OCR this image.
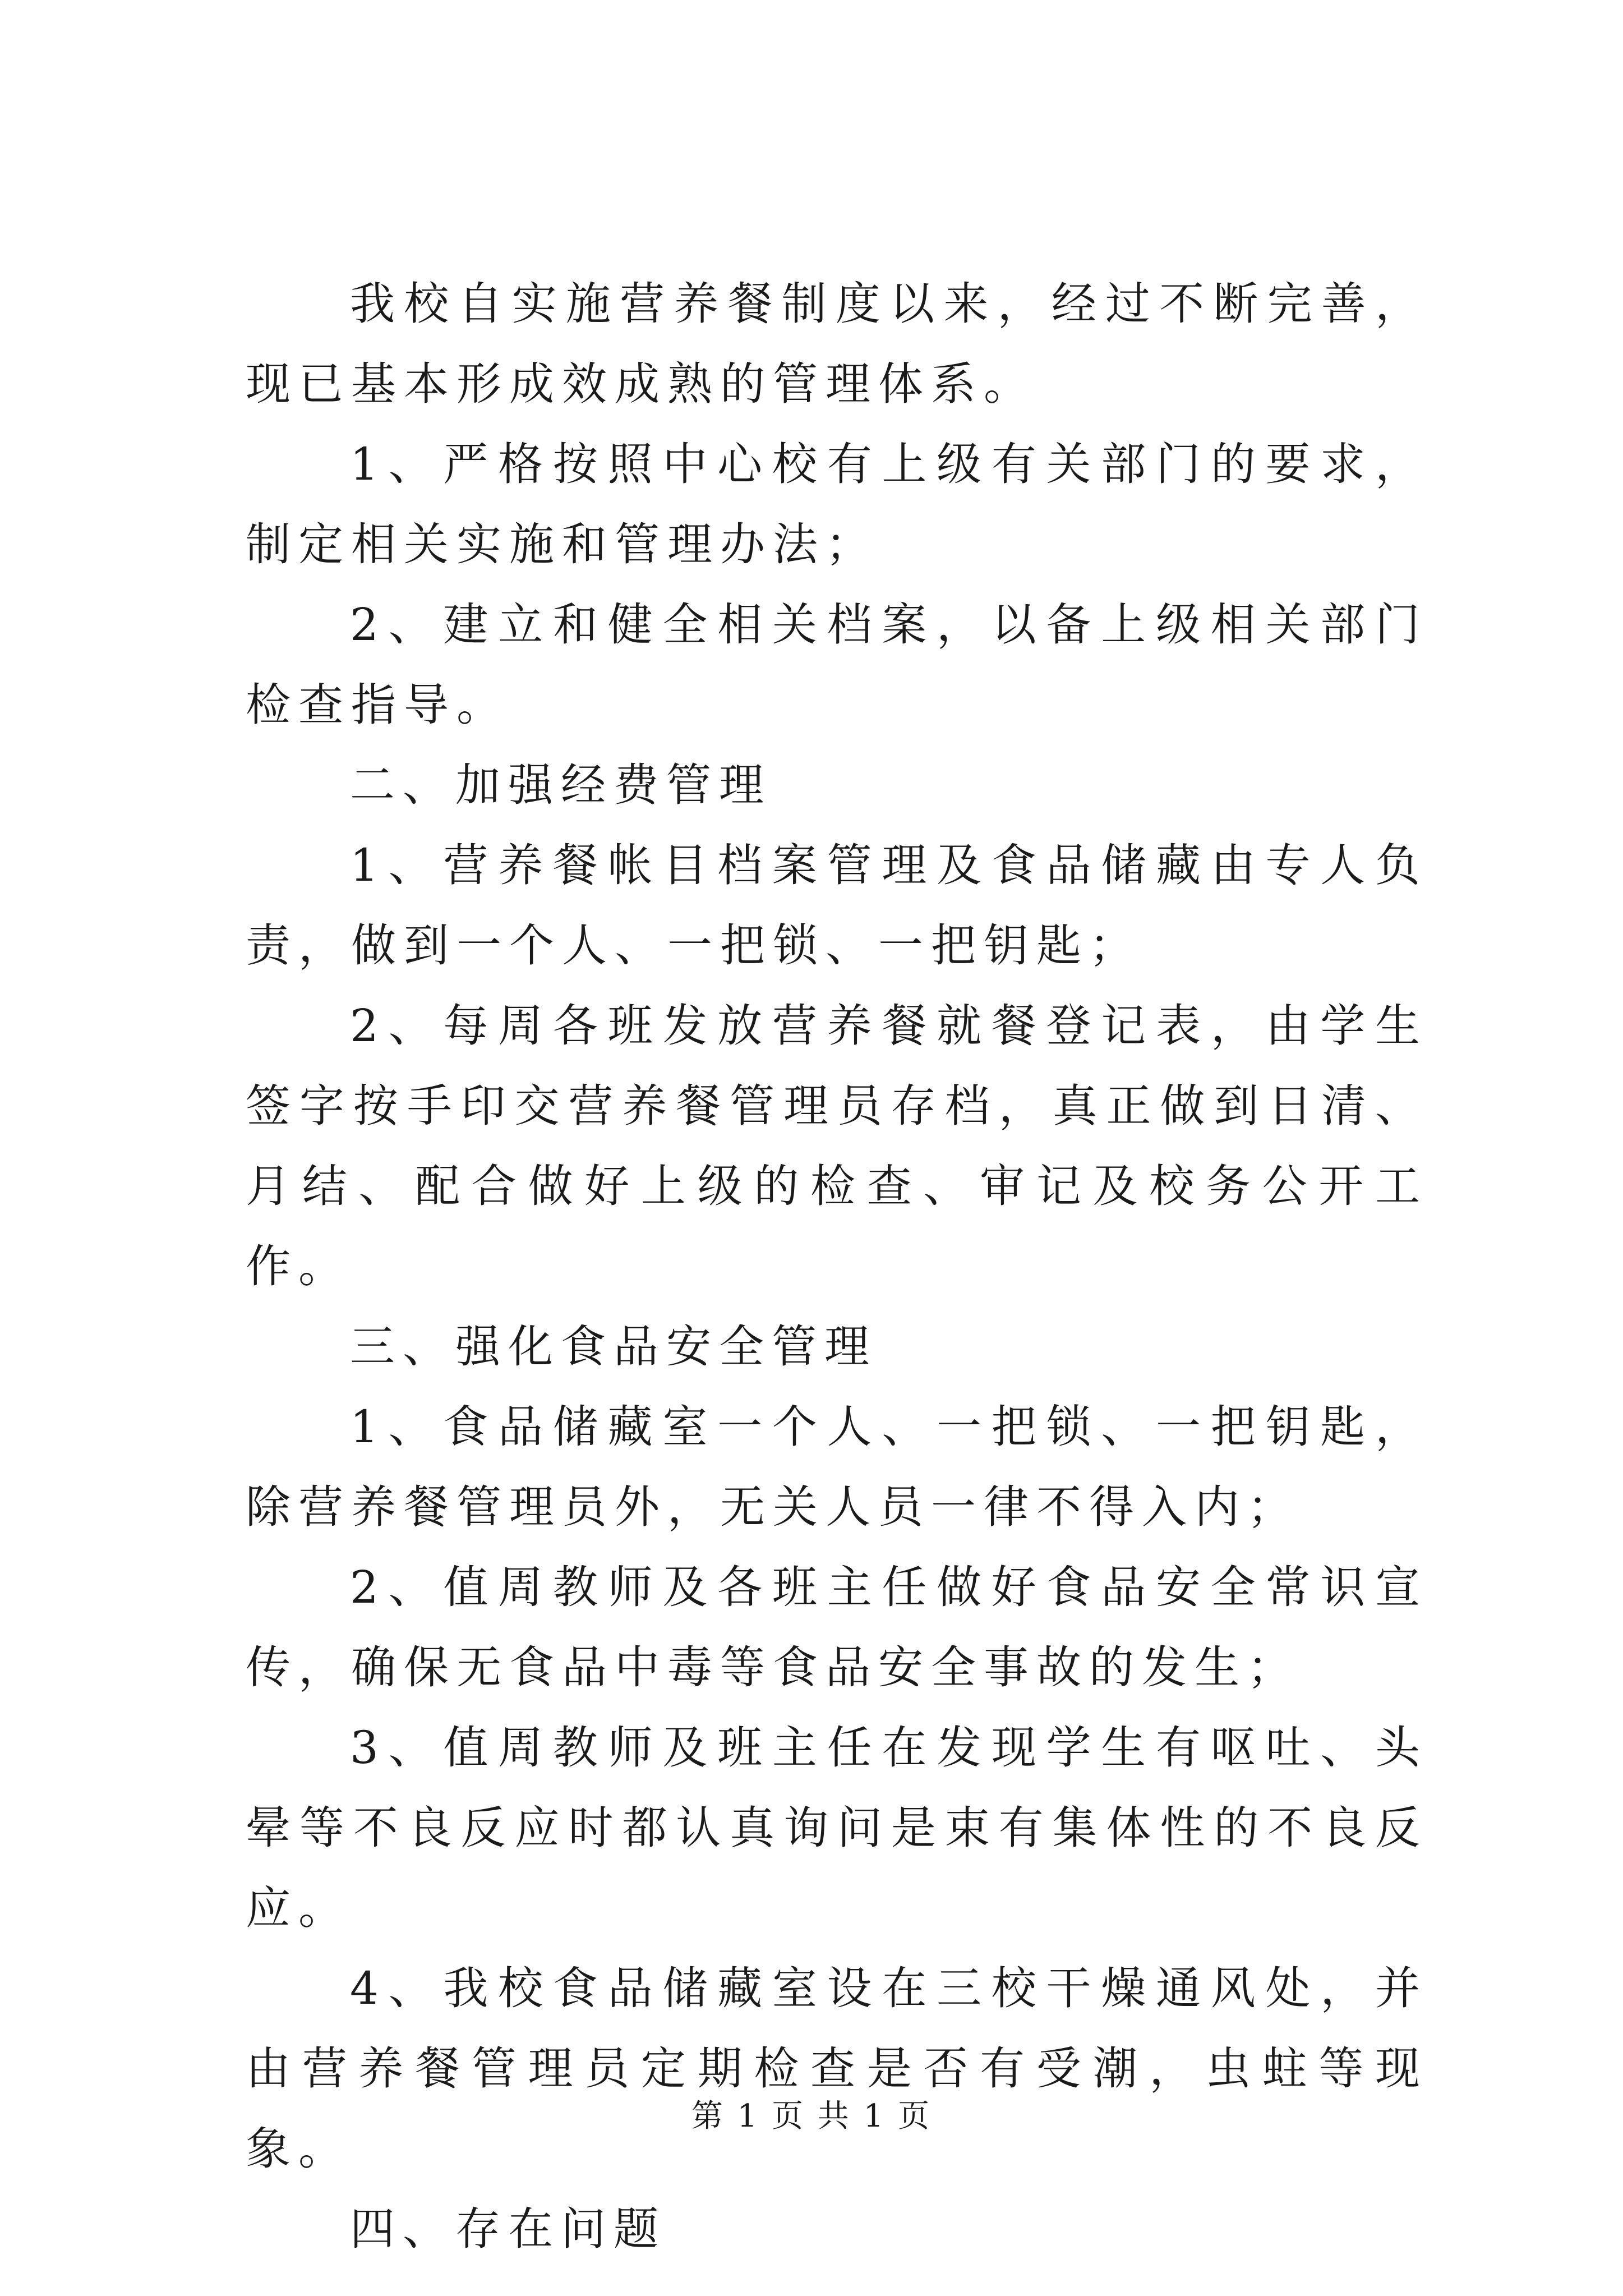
我校自实施营养餐制度以来，经过不断完善，现已基本形成效成熟的管理体系。

1、严格按照中心校有上级有关部门的要求，制定相关实施和管理办法；

2、建立和健全相关档案，以备上级相关部门检查指导。

二、加强经费管理

1、营养餐帐目档案管理及食品储藏由专人负责，做到一个人、一把锁、一把钥匙；

2、每周各班发放营养餐就餐登记表，由学生签字按手印交营养餐管理员存档，真正做到日清、月结、配合做好上级的检查、审记及校务公开工作。

三、强化食品安全管理

1、食品储藏室一个人、一把锁、一把钥匙，除营养餐管理员外，无关人员一律不得入内；

2、值周教师及各班主任做好食品安全常识宣传，确保无食品中毒等食品安全事故的发生；

3、值周教师及班主任在发现学生有呕吐、头晕等不良反应时都认真询问是束有集体性的不良反应。

4、我校食品储藏室设在三校干燥通风处，并由营养餐管理员定期检查是否有受潮，虫蛀等现象。

四、存在问题

第 1 页 共 1 页
